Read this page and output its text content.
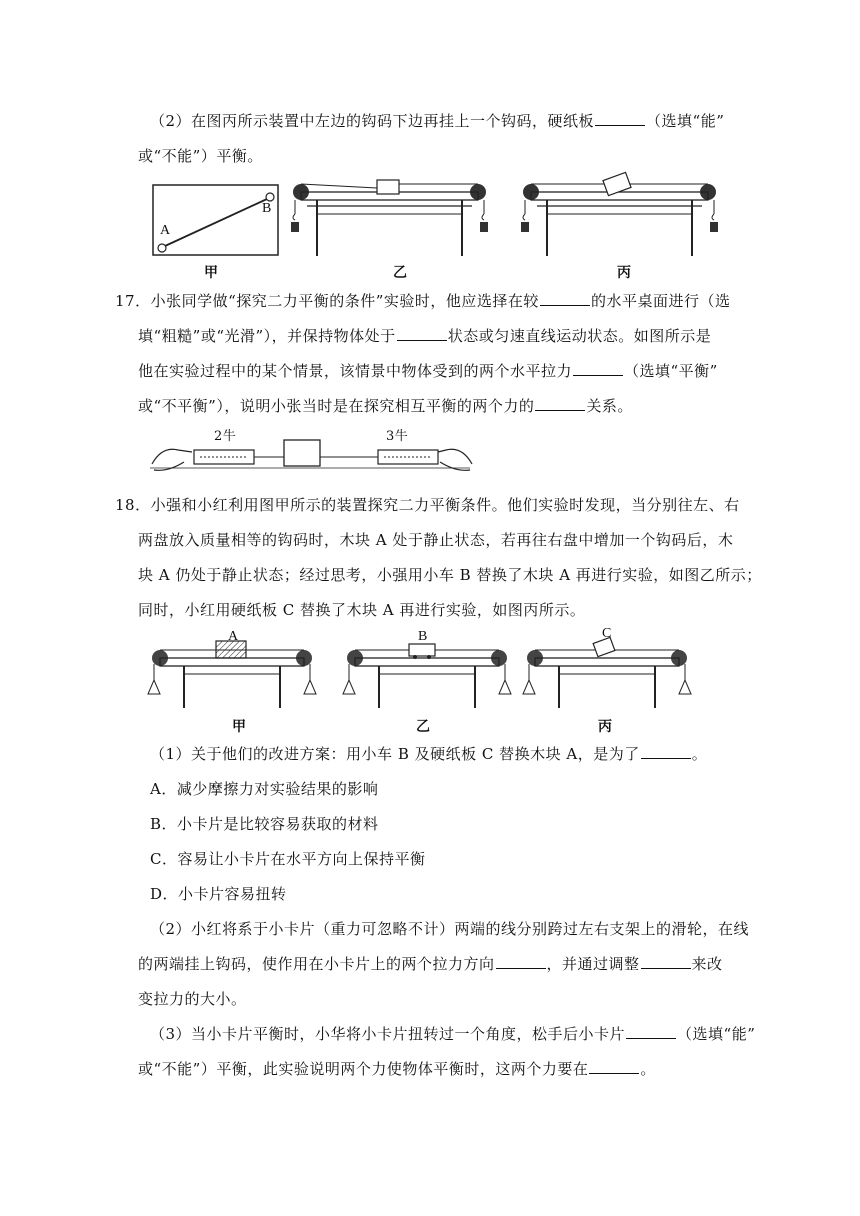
（2）在图丙所示装置中左边的钩码下边再挂上一个钩码，硬纸板	（选填“能”
或“不能”）平衡。
A
B
甲	乙	丙
17．小张同学做“探究二力平衡的条件”实验时，他应选择在较	的水平桌面进行（选
填“粗糙”或“光滑”），并保持物体处于	状态或匀速直线运动状态。如图所示是
他在实验过程中的某个情景，该情景中物体受到的两个水平拉力	（选填“平衡”
或“不平衡”），说明小张当时是在探究相互平衡的两个力的	关系。
2牛	3牛
18．小强和小红利用图甲所示的装置探究二力平衡条件。他们实验时发现，当分别往左、右
两盘放入质量相等的钩码时，木块 A 处于静止状态，若再往右盘中增加一个钩码后，木
块 A 仍处于静止状态；经过思考，小强用小车 B 替换了木块 A 再进行实验，如图乙所示；
同时，小红用硬纸板 C 替换了木块 A 再进行实验，如图丙所示。
A
甲
B
乙
C
丙
（1）关于他们的改进方案：用小车 B 及硬纸板 C 替换木块 A，是为了	。
A．减少摩擦力对实验结果的影响
B．小卡片是比较容易获取的材料
C．容易让小卡片在水平方向上保持平衡
D．小卡片容易扭转
（2）小红将系于小卡片（重力可忽略不计）两端的线分别跨过左右支架上的滑轮，在线
的两端挂上钩码，使作用在小卡片上的两个拉力方向	，并通过调整	来改
变拉力的大小。
（3）当小卡片平衡时，小华将小卡片扭转过一个角度，松手后小卡片	（选填“能”
或“不能”）平衡，此实验说明两个力使物体平衡时，这两个力要在	。
